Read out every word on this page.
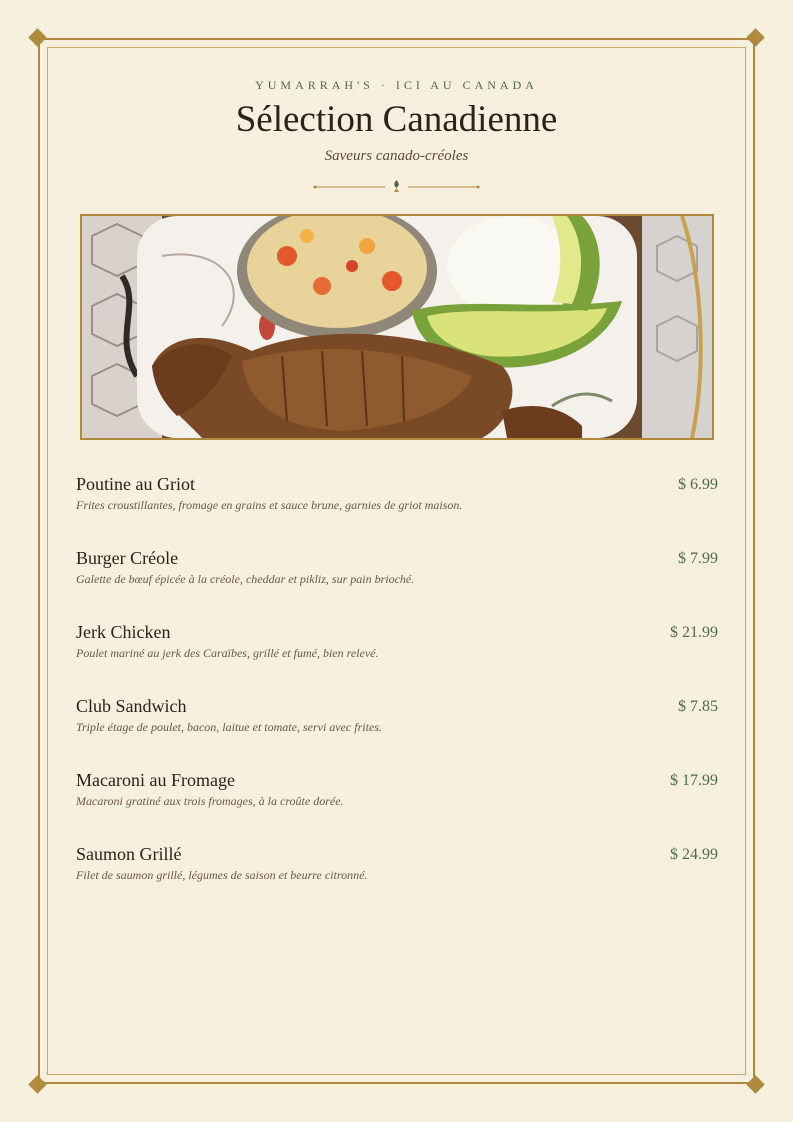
YUMARRAH'S · ICI AU CANADA
Sélection Canadienne
Saveurs canado-créoles
Poutine au Griot	$ 6.99
Frites croustillantes, fromage en grains et sauce brune, garnies de griot maison.
Burger Créole	$ 7.99
Galette de bœuf épicée à la créole, cheddar et pikliz, sur pain brioché.
Jerk Chicken	$ 21.99
Poulet mariné au jerk des Caraïbes, grillé et fumé, bien relevé.
Club Sandwich	$ 7.85
Triple étage de poulet, bacon, laitue et tomate, servi avec frites.
Macaroni au Fromage	$ 17.99
Macaroni gratiné aux trois fromages, à la croûte dorée.
Saumon Grillé	$ 24.99
Filet de saumon grillé, légumes de saison et beurre citronné.
